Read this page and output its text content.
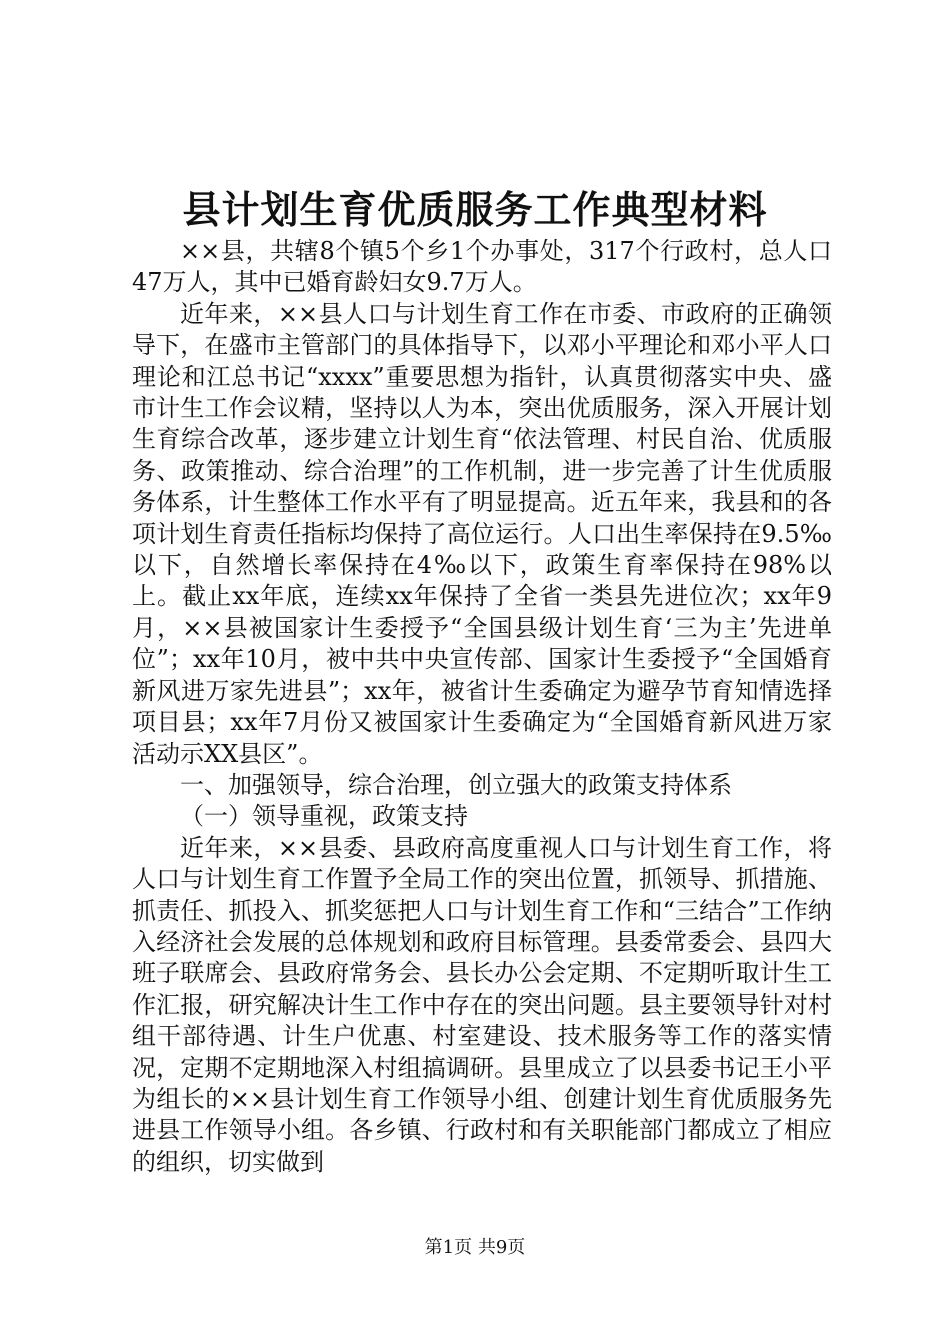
县计划生育优质服务工作典型材料

××县，共辖8个镇5个乡1个办事处，317个行政村，总人口47万人，其中已婚育龄妇女9.7万人。

近年来，××县人口与计划生育工作在市委、市政府的正确领导下，在盛市主管部门的具体指导下，以邓小平理论和邓小平人口理论和江总书记“xxxx”重要思想为指针，认真贯彻落实中央、盛市计生工作会议精，坚持以人为本，突出优质服务，深入开展计划生育综合改革，逐步建立计划生育“依法管理、村民自治、优质服务、政策推动、综合治理”的工作机制，进一步完善了计生优质服务体系，计生整体工作水平有了明显提高。近五年来，我县和的各项计划生育责任指标均保持了高位运行。人口出生率保持在9.5‰以下，自然增长率保持在4‰以下，政策生育率保持在98%以上。截止xx年底，连续xx年保持了全省一类县先进位次；xx年9月，××县被国家计生委授予“全国县级计划生育‘三为主’先进单位”；xx年10月，被中共中央宣传部、国家计生委授予“全国婚育新风进万家先进县”；xx年，被省计生委确定为避孕节育知情选择项目县；xx年7月份又被国家计生委确定为“全国婚育新风进万家活动示XX县区”。

一、加强领导，综合治理，创立强大的政策支持体系

（一）领导重视，政策支持

近年来，××县委、县政府高度重视人口与计划生育工作，将人口与计划生育工作置予全局工作的突出位置，抓领导、抓措施、抓责任、抓投入、抓奖惩把人口与计划生育工作和“三结合”工作纳入经济社会发展的总体规划和政府目标管理。县委常委会、县四大班子联席会、县政府常务会、县长办公会定期、不定期听取计生工作汇报，研究解决计生工作中存在的突出问题。县主要领导针对村组干部待遇、计生户优惠、村室建设、技术服务等工作的落实情况，定期不定期地深入村组搞调研。县里成立了以县委书记王小平为组长的××县计划生育工作领导小组、创建计划生育优质服务先进县工作领导小组。各乡镇、行政村和有关职能部门都成立了相应的组织，切实做到

第1页 共9页
